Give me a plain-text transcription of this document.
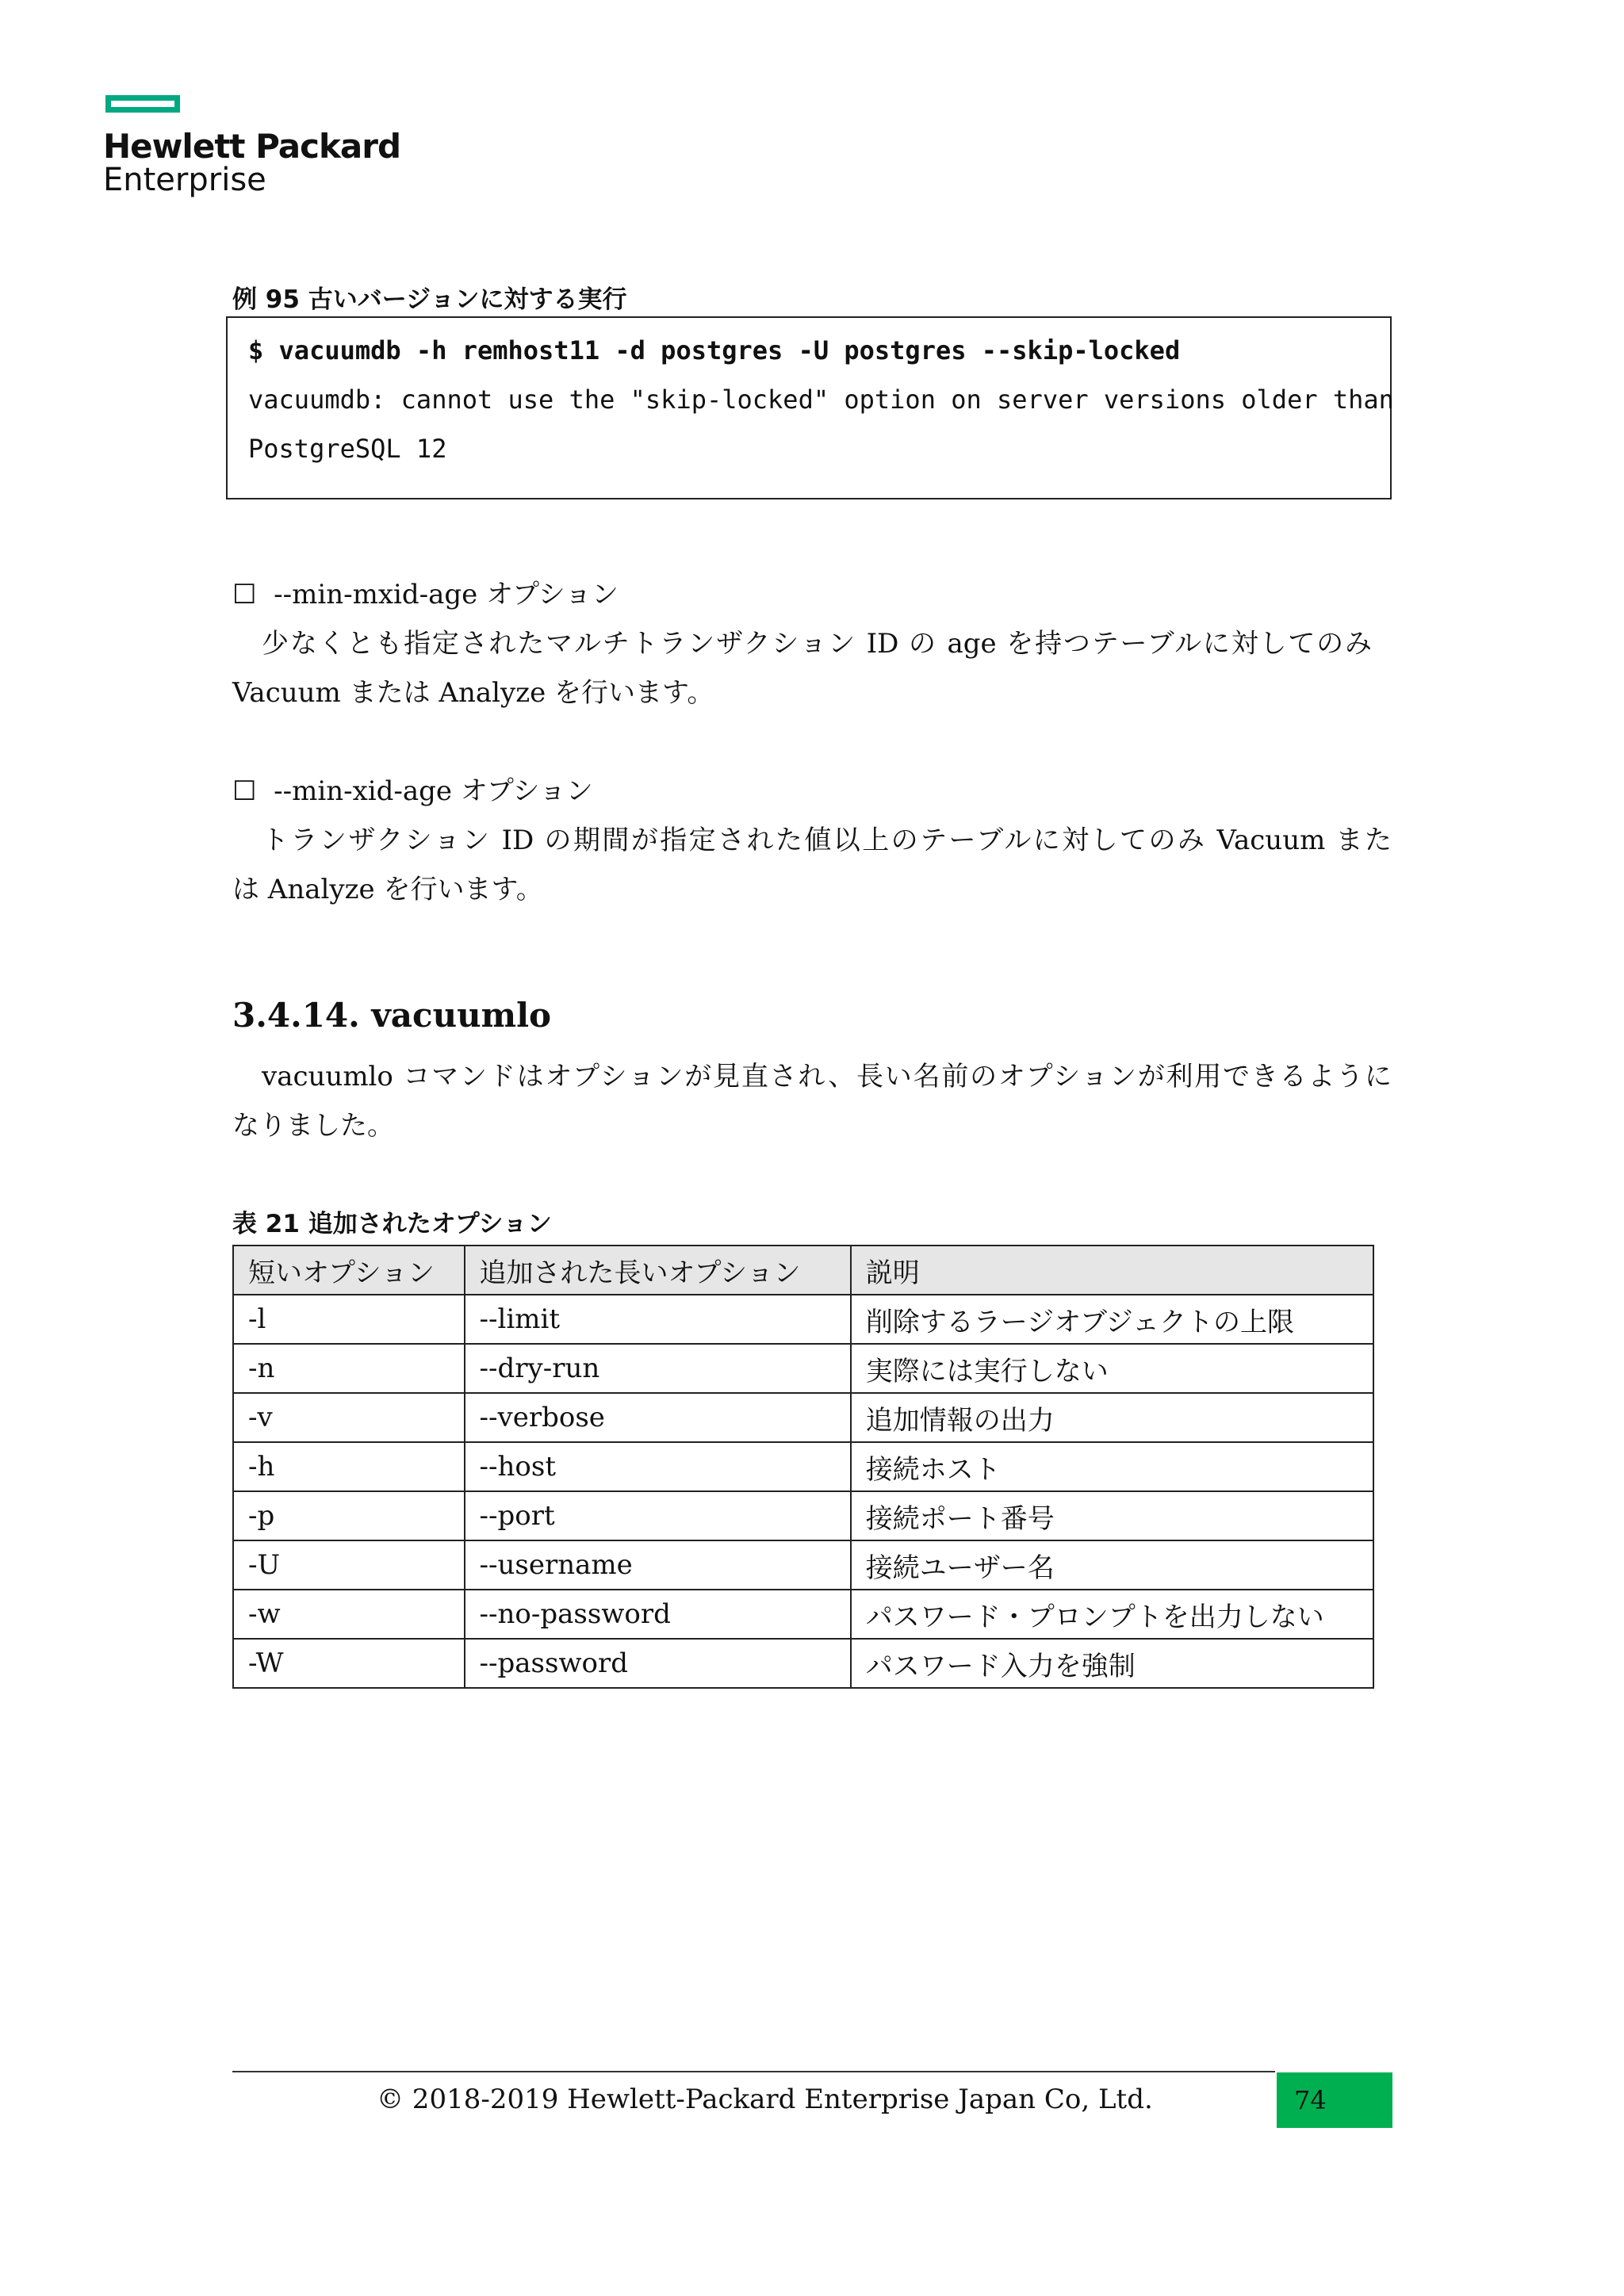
Hewlett Packard
Enterprise
例 95 古いバージョンに対する実行
$ vacuumdb -h remhost11 -d postgres -U postgres --skip-locked
vacuumdb: cannot use the "skip-locked" option on server versions older than
PostgreSQL 12
☐ --min-mxid-age オプション
少なくとも指定されたマルチトランザクション ID の age を持つテーブルに対してのみ
Vacuum または Analyze を行います。
☐ --min-xid-age オプション
トランザクション ID の期間が指定された値以上のテーブルに対してのみ Vacuum また
は Analyze を行います。
3.4.14. vacuumlo
vacuumlo コマンドはオプションが見直され、長い名前のオプションが利用できるように
なりました。
表 21 追加されたオプション
短いオプション	追加された長いオプション	説明
-l	--limit	削除するラージオブジェクトの上限
-n	--dry-run	実際には実行しない
-v	--verbose	追加情報の出力
-h	--host	接続ホスト
-p	--port	接続ポート番号
-U	--username	接続ユーザー名
-w	--no-password	パスワード・プロンプトを出力しない
-W	--password	パスワード入力を強制
© 2018-2019 Hewlett-Packard Enterprise Japan Co, Ltd.	74
